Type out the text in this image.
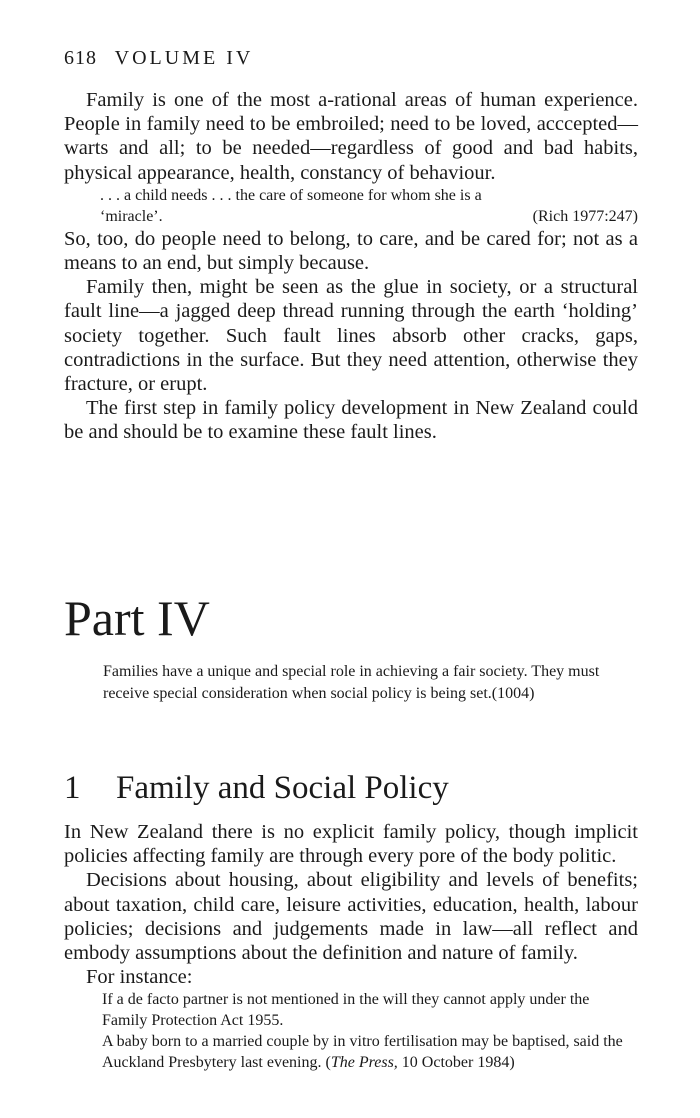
618 VOLUME IV

Family is one of the most a-rational areas of human experience. People in family need to be embroiled; need to be loved, acccepted—warts and all; to be needed—regardless of good and bad habits, physical appearance, health, constancy of behaviour.

. . . a child needs . . . the care of someone for whom she is a
‘miracle’.	(Rich 1977:247)

So, too, do people need to belong, to care, and be cared for; not as a means to an end, but simply because.

Family then, might be seen as the glue in society, or a structural fault line—a jagged deep thread running through the earth ‘holding’ society together. Such fault lines absorb other cracks, gaps, contradictions in the surface. But they need attention, otherwise they fracture, or erupt.

The first step in family policy development in New Zealand could be and should be to examine these fault lines.

Part IV

Families have a unique and special role in achieving a fair society. They must receive special consideration when social policy is being set.(1004)

1 Family and Social Policy

In New Zealand there is no explicit family policy, though implicit policies affecting family are through every pore of the body politic.

Decisions about housing, about eligibility and levels of benefits; about taxation, child care, leisure activities, education, health, labour policies; decisions and judgements made in law—all reflect and embody assumptions about the definition and nature of family.

For instance:

If a de facto partner is not mentioned in the will they cannot apply under the Family Protection Act 1955.

A baby born to a married couple by in vitro fertilisation may be baptised, said the Auckland Presbytery last evening. (The Press, 10 October 1984)
